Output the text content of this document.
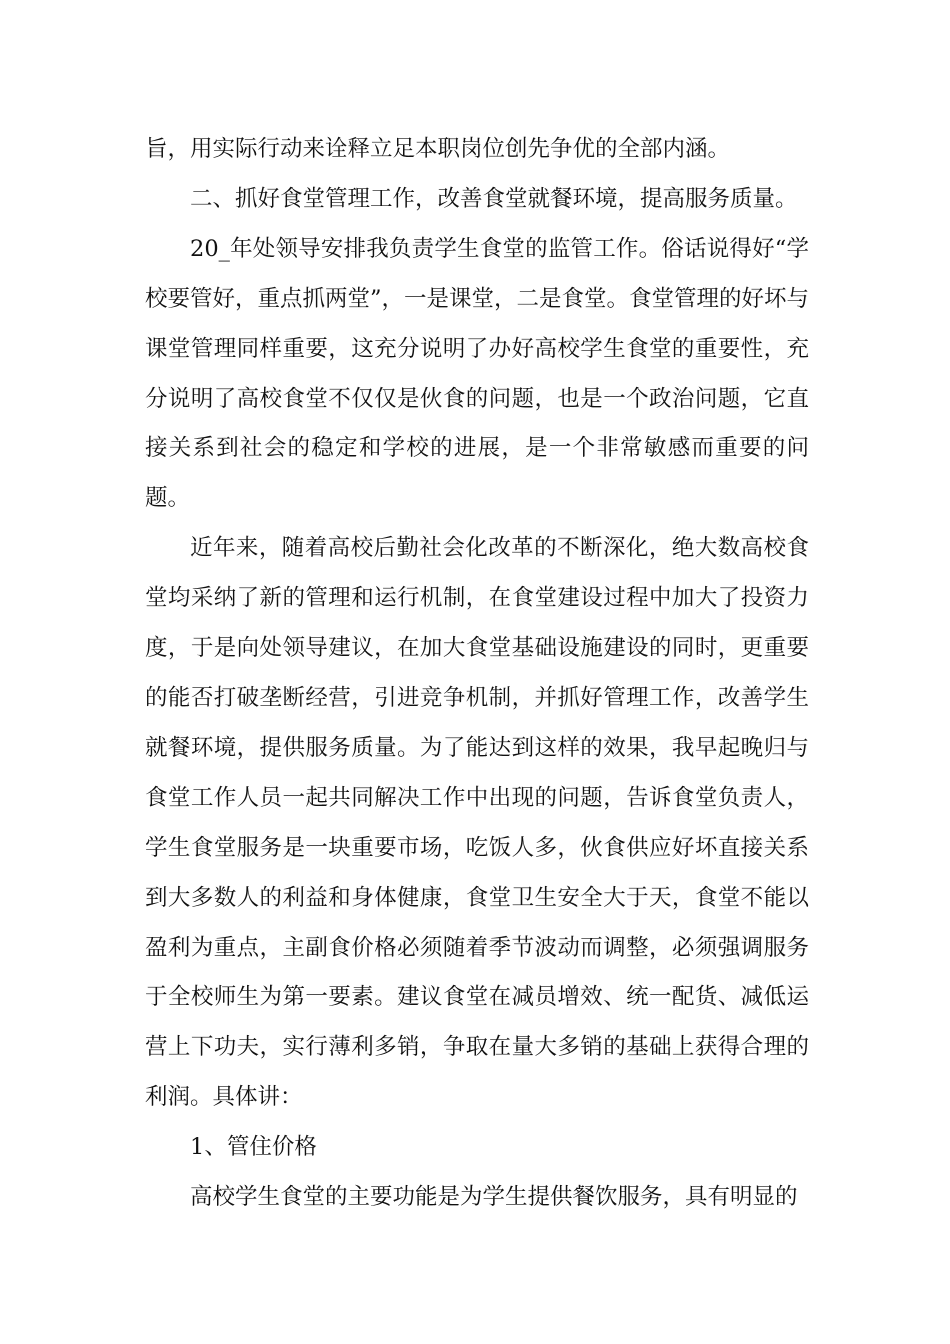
旨，用实际行动来诠释立足本职岗位创先争优的全部内涵。

二、抓好食堂管理工作，改善食堂就餐环境，提高服务质量。

20_年处领导安排我负责学生食堂的监管工作。俗话说得好“学校要管好，重点抓两堂”，一是课堂，二是食堂。食堂管理的好坏与课堂管理同样重要，这充分说明了办好高校学生食堂的重要性，充分说明了高校食堂不仅仅是伙食的问题，也是一个政治问题，它直接关系到社会的稳定和学校的进展，是一个非常敏感而重要的问题。

近年来，随着高校后勤社会化改革的不断深化，绝大数高校食堂均采纳了新的管理和运行机制，在食堂建设过程中加大了投资力度，于是向处领导建议，在加大食堂基础设施建设的同时，更重要的能否打破垄断经营，引进竞争机制，并抓好管理工作，改善学生就餐环境，提供服务质量。为了能达到这样的效果，我早起晚归与食堂工作人员一起共同解决工作中出现的问题，告诉食堂负责人，学生食堂服务是一块重要市场，吃饭人多，伙食供应好坏直接关系到大多数人的利益和身体健康，食堂卫生安全大于天，食堂不能以盈利为重点，主副食价格必须随着季节波动而调整，必须强调服务于全校师生为第一要素。建议食堂在减员增效、统一配货、减低运营上下功夫，实行薄利多销，争取在量大多销的基础上获得合理的利润。具体讲：

1、管住价格

高校学生食堂的主要功能是为学生提供餐饮服务，具有明显的
